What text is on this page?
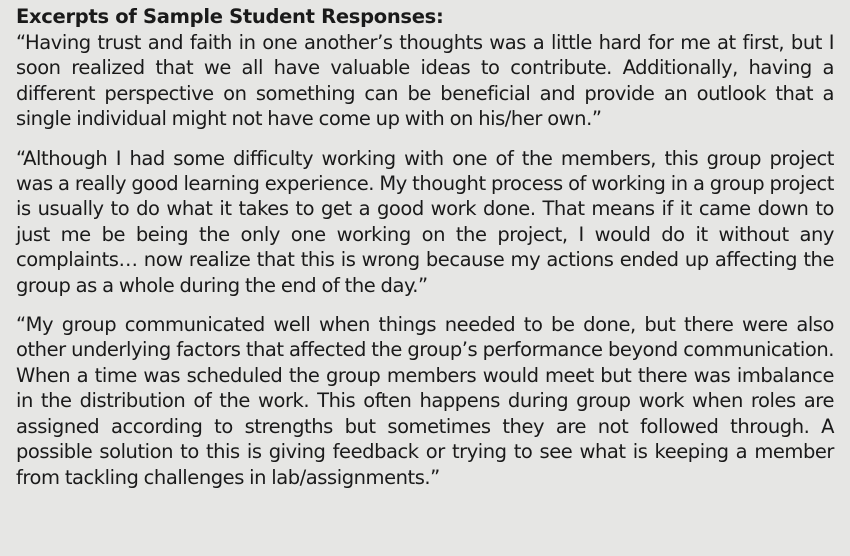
Excerpts of Sample Student Responses:

“Having trust and faith in one another’s thoughts was a little hard for me at first, but I soon realized that we all have valuable ideas to contribute. Additionally, having a different perspective on something can be beneficial and provide an outlook that a single individual might not have come up with on his/her own.”

“Although I had some difficulty working with one of the members, this group project was a really good learning experience. My thought process of working in a group project is usually to do what it takes to get a good work done. That means if it came down to just me be being the only one working on the project, I would do it without any complaints… now realize that this is wrong because my actions ended up affecting the group as a whole during the end of the day.”

“My group communicated well when things needed to be done, but there were also other underlying factors that affected the group’s performance beyond communication. When a time was scheduled the group members would meet but there was imbalance in the distribution of the work. This often happens during group work when roles are assigned according to strengths but sometimes they are not followed through. A possible solution to this is giving feedback or trying to see what is keeping a member from tackling challenges in lab/assignments.”
